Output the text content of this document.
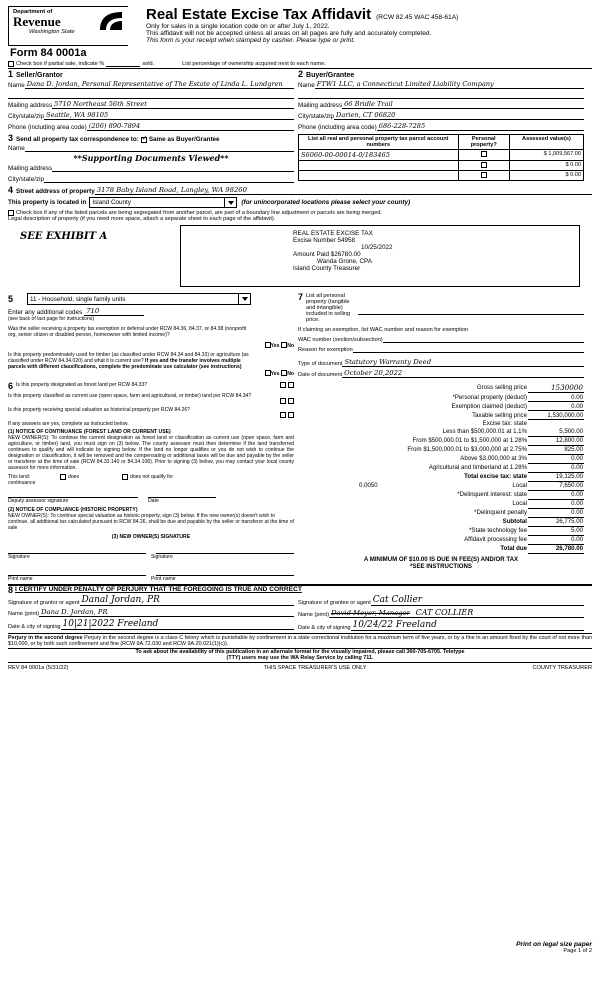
Department of
Revenue
Washington State
Form 84 0001a
Real Estate Excise Tax Affidavit (RCW 82.45 WAC 458-61A)
Only for sales in a single location code on or after July 1, 2022.
This affidavit will not be accepted unless all areas on all pages are fully and accurately completed.
This form is your receipt when stamped by cashier. Please type or print.
Check box if partial sale, indicate %	sold.	List percentage of ownership acquired next to each name.
1 Seller/Grantor
Name Dana D. Jordan, Personal Representative of The Estate of Linda L. Lundgren

Mailing address 5710 Northeast 56th Street
City/state/zip Seattle, WA 98105
Phone (including area code) (206) 890-7894
2 Buyer/Grantee
Name FTW1 LLC, a Connecticut Limited Liability Company

Mailing address 66 Bridle Trail
City/state/zip Darien, CT 06820
Phone (including area code) 686-228-7285
3 Send all property tax correspondence to: ✓ Same as Buyer/Grantee
Name

**Supporting Documents Viewed**
Mailing address

City/state/zip

List all real and personal property tax parcel account numbers	Personal property?	Assessed value(s)
S6060-00-00014-0/183465		$ 1,009,567.00
		$ 0.00
		$ 0.00
4 Street address of property 3178 Baby Island Road, Langley, WA 98260
This property is located in Island County	(for unincorporated locations please select your county)
Check box if any of the listed parcels are being segregated from another parcel, are part of a boundary line adjustment or parcels are being merged.
Legal description of property (if you need more space, attach a separate sheet to each page of the affidavit).
SEE EXHIBIT A	REAL ESTATE EXCISE TAX
Excise Number 54958
10/25/2022
Amount Paid $26780.00
Wanda Grone, CPA
Island County Treasurer
5	11 - Household, single family units
Enter any additional codes 710
(see back of last page for instructions)
Was the seller receiving a property tax exemption or deferral under RCW 84.36, 84.37, or 84.38 (nonprofit org, senior citizen or disabled person, homeowner with limited income)?
Yes No
Is this property predominately used for timber (as classified under RCW 84.34 and 84.33) or agriculture (as classified under RCW 84.34.020) and what it is current use? If yes and the transfer involves multiple parcels with different classifications, complete the predominate use calculator (see instructions)
Yes No
6 Is this property designated as forest land per RCW 84.33?

Is this property classified as current use (open space, farm and agricultural, or timber) land per RCW 84.34?

Is this property receiving special valuation as historical property per RCW 84.26?

If any answers are yes, complete as instructed below.
(1) NOTICE OF CONTINUANCE (FOREST LAND OR CURRENT USE)
NEW OWNER(S): To continue the current designation as forest land or classification as current use (open space, farm and agriculture, or timber) land, you must sign on (3) below. The county assessor must then determine if the land transferred continues to qualify and will indicate by signing below. If the land no longer qualifies or you do not wish to continue the designation or classification, it will be removed and the compensating or additional taxes will be due and payable by the seller or transferor at the time of sale (RCW 84.33.140 or 84.34.108). Prior to signing (3) below, you may contact your local county assessor for more information.
This land:	does	does not qualify for
continuance
Deputy assessor signature	Date
(2) NOTICE OF COMPLIANCE (HISTORIC PROPERTY)
NEW OWNER(S): To continue special valuation as historic property, sign (3) below. If the new owner(s) doesn't wish to continue, all additional tax calculated pursuant to RCW 84.26, shall be due and payable by the seller or transferor at the time of sale
(3) NEW OWNER(S) SIGNATURE
Signature	Signature
Print name	Print name
7 List all personal property (tangible and intangible) included in selling price.
If claiming an exemption, list WAC number and reason for exemption
WAC number (section/subsection)
Reason for exemption
Type of document Statutory Warranty Deed
Date of document October 20,2022
Gross selling price	1530000
*Personal property (deduct)	0.00
Exemption claimed (deduct)	0.00
Taxable selling price	1,530,000.00
Excise tax: state	
Less than $500,000.01 at 1.1%	5,500.00
From $500,000.01 to $1,500,000 at 1.28%	12,800.00
From $1,500,000.01 to $3,000,000 at 2.75%	825.00
Above $3,000,000 at 3%	0.00
Agricultural and timberland at 1.28%	0.00
Total excise tax: state	19,125.00

0.0050 Local	7,650.00
*Delinquent interest: state	0.00
Local	0.00
*Delinquent penalty	0.00
Subtotal	26,775.00
*State technology fee	5.00
Affidavit processing fee	0.00
Total due	26,780.00
A MINIMUM OF $10.00 IS DUE IN FEE(S) AND/OR TAX
*SEE INSTRUCTIONS
8 I CERTIFY UNDER PENALTY OF PERJURY THAT THE FOREGOING IS TRUE AND CORRECT
Signature of grantor or agent Danal Jordan, PR
Name (print) Dana D. Jordan, PR
Date & city of signing 10|21|2022 Freeland
Signature of grantee or agent Cat Collier
Name (print) David Meyer, Manager CAT COLLIER
Date & city of signing 10/24/22 Freeland
Perjury in the second degree Perjury in the second degree is a class C felony which is punishable by confinement in a state correctional institution for a maximum term of five years, or by a fine in an amount fixed by the court of not more than $10,000, or by both such confinement and fine (RCW 9A.72.030 and RCW 9A.20.021(1)(c)).
To ask about the availability of this publication in an alternate format for the visually impaired, please call 360-705-6705. Teletype
(TTY) users may use the WA Relay Service by calling 711.
REV 84 0001a (5/31/22)	THIS SPACE TREASURER'S USE ONLY	COUNTY TREASURER
Print on legal size paper
Page 1 of 2
